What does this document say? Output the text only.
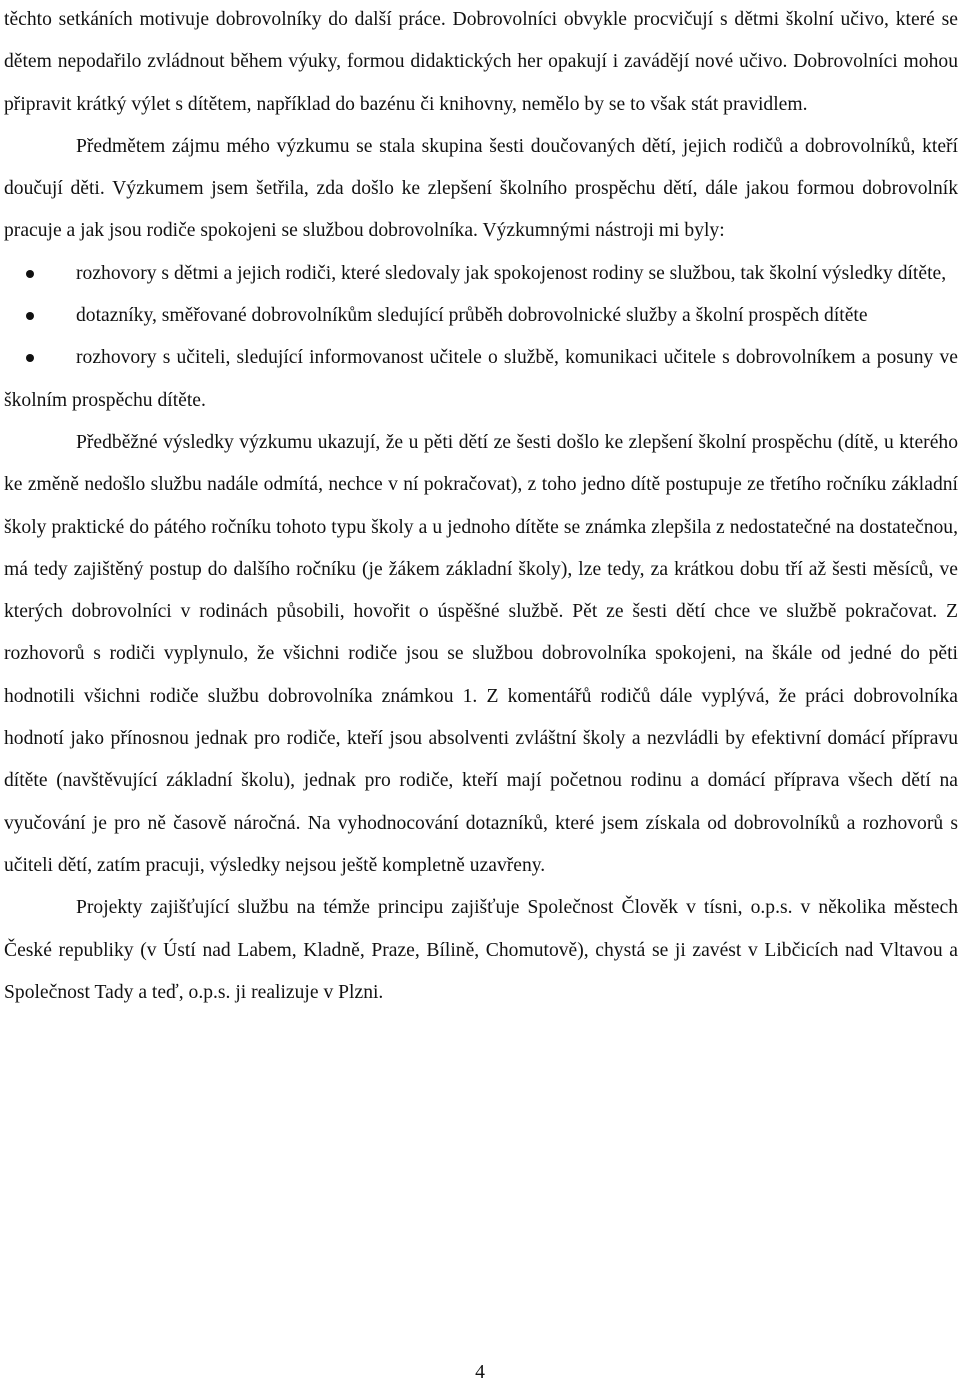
těchto setkáních motivuje dobrovolníky do další práce. Dobrovolníci obvykle procvičují s dětmi školní učivo, které se dětem nepodařilo zvládnout během výuky, formou didaktických her opakují i zavádějí nové učivo. Dobrovolníci mohou připravit krátký výlet s dítětem, například do bazénu či knihovny, nemělo by se to však stát pravidlem.

Předmětem zájmu mého výzkumu se stala skupina šesti doučovaných dětí, jejich rodičů a dobrovolníků, kteří doučují děti. Výzkumem jsem šetřila, zda došlo ke zlepšení školního prospěchu dětí, dále jakou formou dobrovolník pracuje a jak jsou rodiče spokojeni se službou dobrovolníka. Výzkumnými nástroji mi byly:

rozhovory s dětmi a jejich rodiči, které sledovaly jak spokojenost rodiny se službou, tak školní výsledky dítěte,
dotazníky, směřované dobrovolníkům sledující průběh dobrovolnické služby a školní prospěch dítěte
rozhovory s učiteli, sledující informovanost učitele o službě, komunikaci učitele s dobrovolníkem a posuny ve školním prospěchu dítěte.

Předběžné výsledky výzkumu ukazují, že u pěti dětí ze šesti došlo ke zlepšení školní prospěchu (dítě, u kterého ke změně nedošlo službu nadále odmítá, nechce v ní pokračovat), z toho jedno dítě postupuje ze třetího ročníku základní školy praktické do pátého ročníku tohoto typu školy a u jednoho dítěte se známka zlepšila z nedostatečné na dostatečnou, má tedy zajištěný postup do dalšího ročníku (je žákem základní školy), lze tedy, za krátkou dobu tří až šesti měsíců, ve kterých dobrovolníci v rodinách působili, hovořit o úspěšné službě. Pět ze šesti dětí chce ve službě pokračovat. Z rozhovorů s rodiči vyplynulo, že všichni rodiče jsou se službou dobrovolníka spokojeni, na škále od jedné do pěti hodnotili všichni rodiče službu dobrovolníka známkou 1. Z komentářů rodičů dále vyplývá, že práci dobrovolníka hodnotí jako přínosnou jednak pro rodiče, kteří jsou absolventi zvláštní školy a nezvládli by efektivní domácí přípravu dítěte (navštěvující základní školu), jednak pro rodiče, kteří mají početnou rodinu a domácí příprava všech dětí na vyučování je pro ně časově náročná. Na vyhodnocování dotazníků, které jsem získala od dobrovolníků a rozhovorů s učiteli dětí, zatím pracuji, výsledky nejsou ještě kompletně uzavřeny.

Projekty zajišťující službu na témže principu zajišťuje Společnost Člověk v tísni, o.p.s. v několika městech České republiky (v Ústí nad Labem, Kladně, Praze, Bílině, Chomutově), chystá se ji zavést v Libčicích nad Vltavou a Společnost Tady a teď, o.p.s. ji realizuje v Plzni.

4
